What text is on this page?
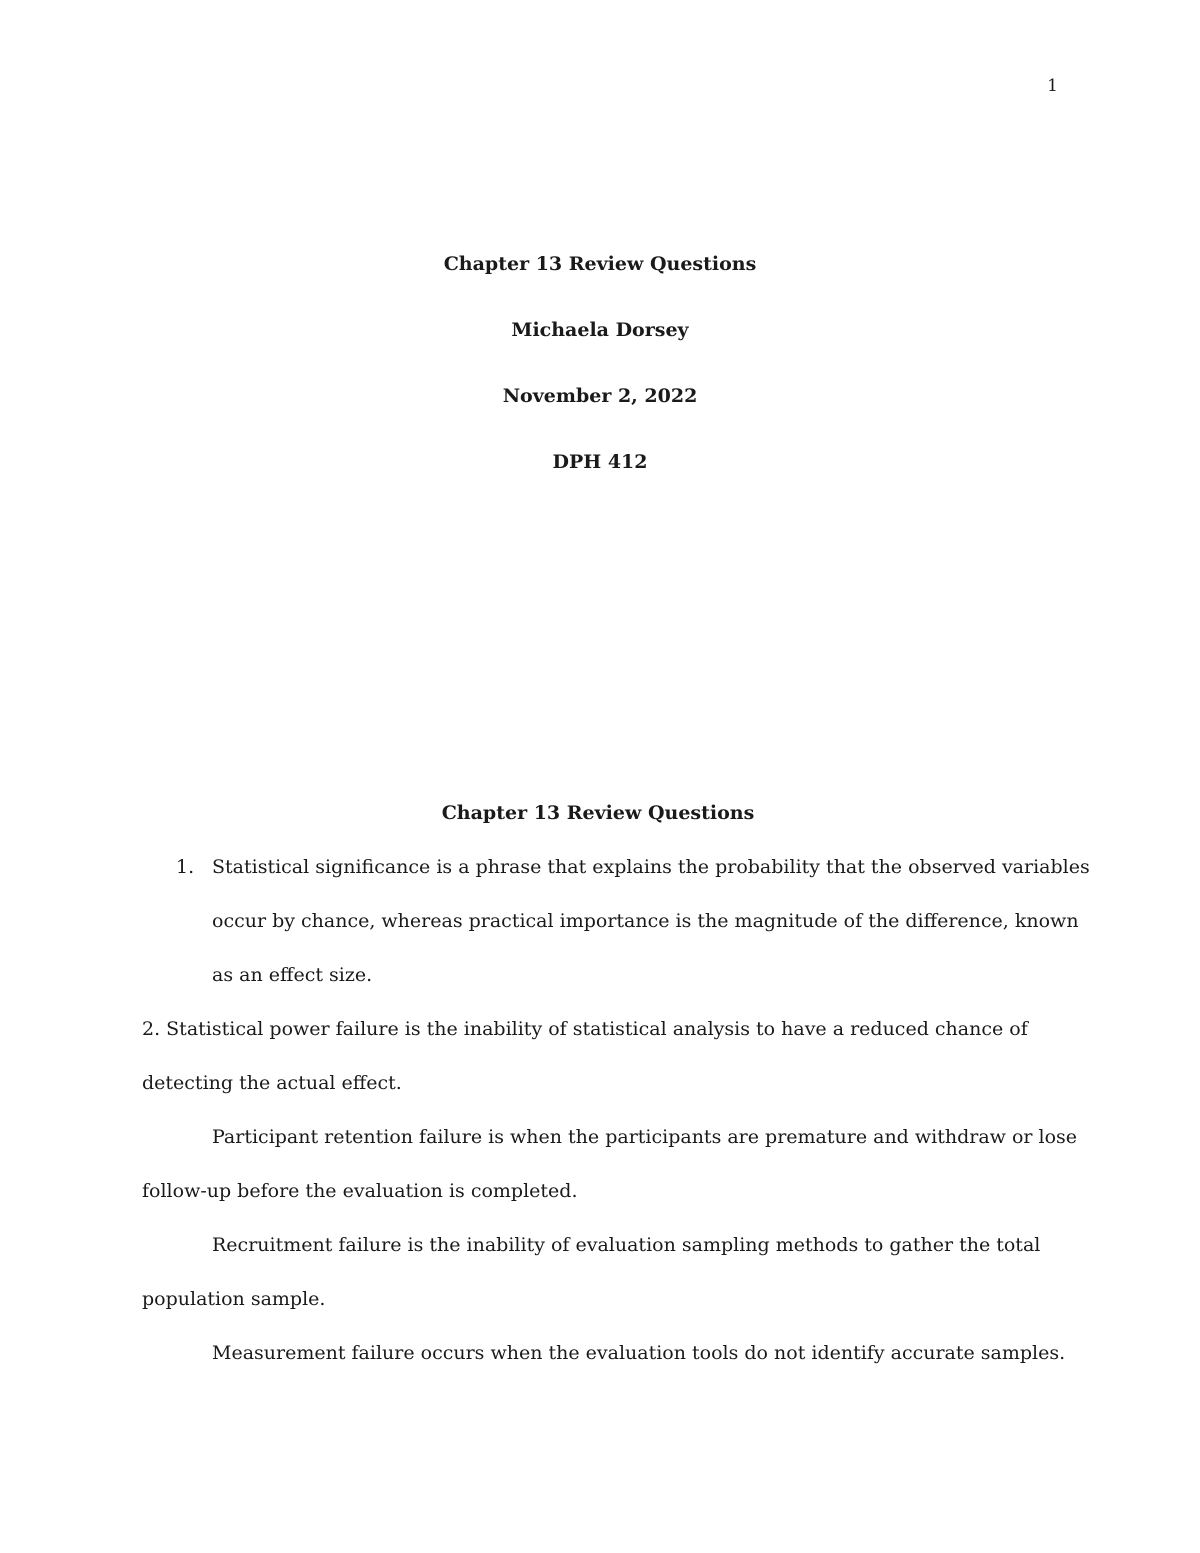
1
Chapter 13 Review Questions
Michaela Dorsey
November 2, 2022
DPH 412
Chapter 13 Review Questions
1. Statistical significance is a phrase that explains the probability that the observed variables
occur by chance, whereas practical importance is the magnitude of the difference, known
as an effect size.
2. Statistical power failure is the inability of statistical analysis to have a reduced chance of
detecting the actual effect.
Participant retention failure is when the participants are premature and withdraw or lose
follow-up before the evaluation is completed.
Recruitment failure is the inability of evaluation sampling methods to gather the total
population sample.
Measurement failure occurs when the evaluation tools do not identify accurate samples.
